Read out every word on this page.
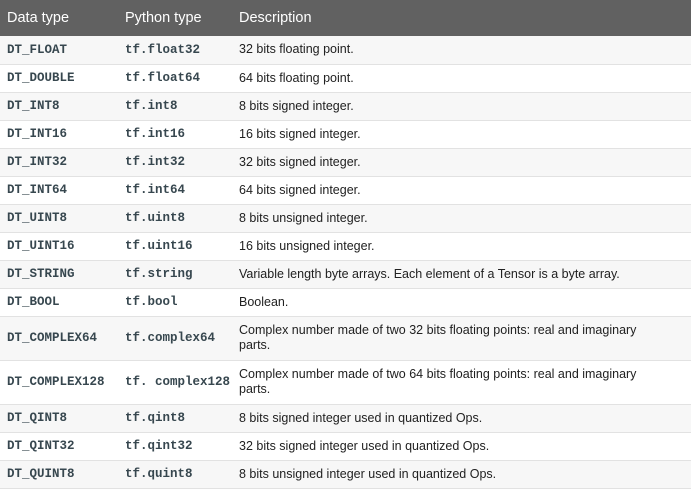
Data type	Python type	Description
DT_FLOAT	tf.float32	32 bits floating point.
DT_DOUBLE	tf.float64	64 bits floating point.
DT_INT8	tf.int8	8 bits signed integer.
DT_INT16	tf.int16	16 bits signed integer.
DT_INT32	tf.int32	32 bits signed integer.
DT_INT64	tf.int64	64 bits signed integer.
DT_UINT8	tf.uint8	8 bits unsigned integer.
DT_UINT16	tf.uint16	16 bits unsigned integer.
DT_STRING	tf.string	Variable length byte arrays. Each element of a Tensor is a byte array.
DT_BOOL	tf.bool	Boolean.
DT_COMPLEX64	tf.complex64	Complex number made of two 32 bits floating points: real and imaginary parts.
DT_COMPLEX128	tf. complex128	Complex number made of two 64 bits floating points: real and imaginary parts.
DT_QINT8	tf.qint8	8 bits signed integer used in quantized Ops.
DT_QINT32	tf.qint32	32 bits signed integer used in quantized Ops.
DT_QUINT8	tf.quint8	8 bits unsigned integer used in quantized Ops.
